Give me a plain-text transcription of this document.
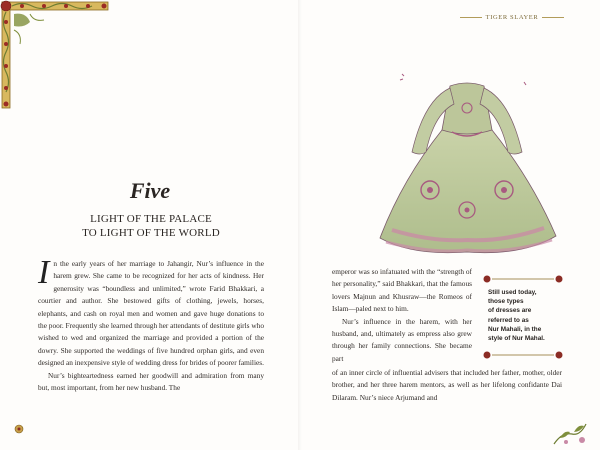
TIGER SLAYER
Five
LIGHT OF THE PALACE
TO LIGHT OF THE WORLD

In the early years of her marriage to Jahangir, Nur’s influence in the harem grew. She came to be recognized for her acts of kindness. Her generosity was “boundless and unlimited,” wrote Farid Bhakkari, a courtier and author. She bestowed gifts of clothing, jewels, horses, elephants, and cash on royal men and women and gave huge donations to the poor. Frequently she learned through her attendants of destitute girls who wished to wed and organized the marriage and provided a portion of the dowry. She supported the weddings of five hundred orphan girls, and even designed an inexpensive style of wedding dress for brides of poorer families.

Nur’s bighteartedness earned her goodwill and admiration from many but, most important, from her new husband. The

emperor was so infatuated with the “strength of her personality,” said Bhakkari, that the famous lovers Majnun and Khusraw—the Romeos of Islam—paled next to him.

Nur’s influence in the harem, with her husband, and, ultimately as empress also grew through her family connections. She became part

of an inner circle of influential advisers that included her father, mother, older brother, and her three harem mentors, as well as her lifelong confidante Dai Dilaram. Nur’s niece Arjumand and

Still used today,
those types
of dresses are
referred to as
Nur Mahali, in the
style of Nur Mahal.
